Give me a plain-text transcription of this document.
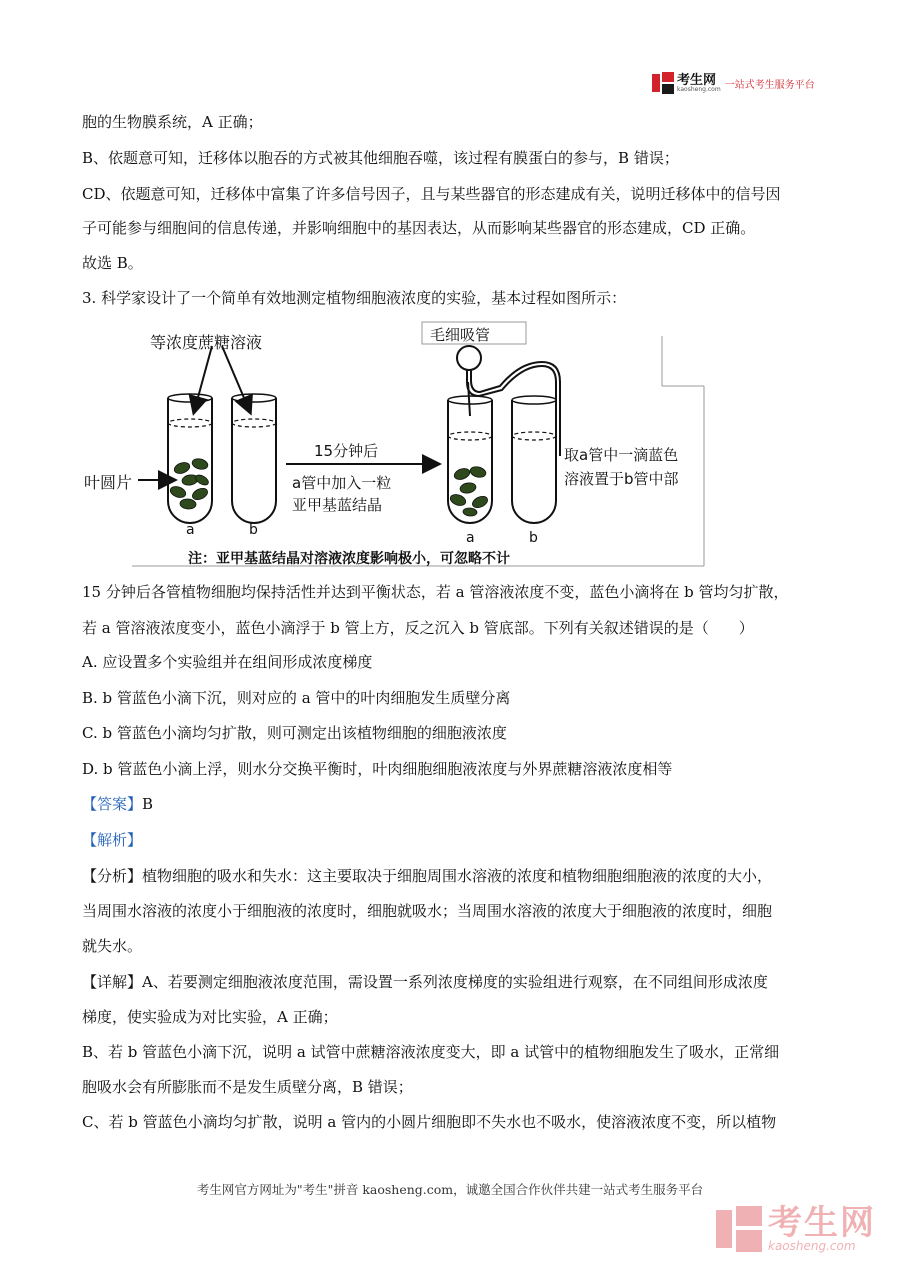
考生网
kaosheng.com 一站式考生服务平台
胞的生物膜系统，A 正确；
B、依题意可知，迁移体以胞吞的方式被其他细胞吞噬，该过程有膜蛋白的参与，B 错误；
CD、依题意可知，迁移体中富集了许多信号因子，且与某些器官的形态建成有关，说明迁移体中的信号因
子可能参与细胞间的信息传递，并影响细胞中的基因表达，从而影响某些器官的形态建成，CD 正确。
故选 B。
3. 科学家设计了一个简单有效地测定植物细胞液浓度的实验，基本过程如图所示：
等浓度蔗糖溶液
叶圆片
15分钟后
a管中加入一粒
亚甲基蓝结晶
毛细吸管
取a管中一滴蓝色
溶液置于b管中部
a	b	a	b
注：亚甲基蓝结晶对溶液浓度影响极小，可忽略不计
15 分钟后各管植物细胞均保持活性并达到平衡状态，若 a 管溶液浓度不变，蓝色小滴将在 b 管均匀扩散，
若 a 管溶液浓度变小，蓝色小滴浮于 b 管上方，反之沉入 b 管底部。下列有关叙述错误的是（　　）
A. 应设置多个实验组并在组间形成浓度梯度
B. b 管蓝色小滴下沉，则对应的 a 管中的叶肉细胞发生质壁分离
C. b 管蓝色小滴均匀扩散，则可测定出该植物细胞的细胞液浓度
D. b 管蓝色小滴上浮，则水分交换平衡时，叶肉细胞细胞液浓度与外界蔗糖溶液浓度相等
【答案】B
【解析】
【分析】植物细胞的吸水和失水：这主要取决于细胞周围水溶液的浓度和植物细胞细胞液的浓度的大小，
当周围水溶液的浓度小于细胞液的浓度时，细胞就吸水；当周围水溶液的浓度大于细胞液的浓度时，细胞
就失水。
【详解】A、若要测定细胞液浓度范围，需设置一系列浓度梯度的实验组进行观察，在不同组间形成浓度
梯度，使实验成为对比实验，A 正确；
B、若 b 管蓝色小滴下沉，说明 a 试管中蔗糖溶液浓度变大，即 a 试管中的植物细胞发生了吸水，正常细
胞吸水会有所膨胀而不是发生质壁分离，B 错误；
C、若 b 管蓝色小滴均匀扩散，说明 a 管内的小圆片细胞即不失水也不吸水，使溶液浓度不变，所以植物
考生网官方网址为"考生"拼音 kaosheng.com，诚邀全国合作伙伴共建一站式考生服务平台
考生网
kaosheng.com
